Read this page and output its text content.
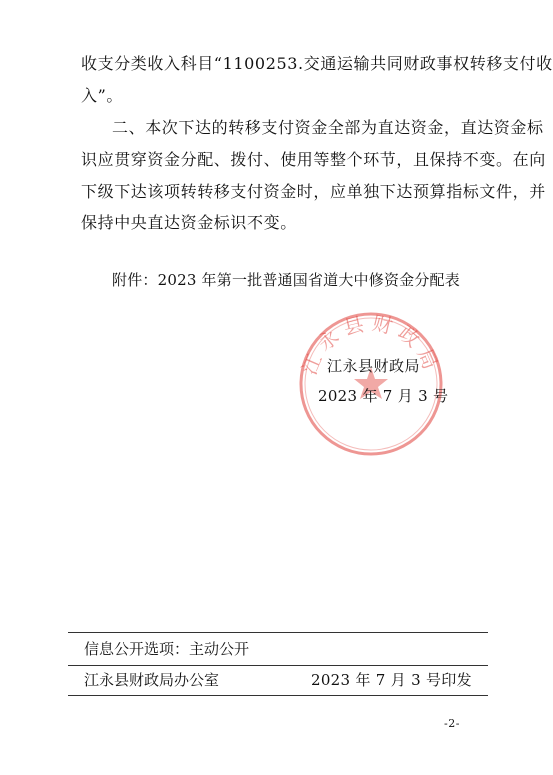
收支分类收入科目“1100253.交通运输共同财政事权转移支付收
入”。
二、本次下达的转移支付资金全部为直达资金，直达资金标
识应贯穿资金分配、拨付、使用等整个环节，且保持不变。在向
下级下达该项转转移支付资金时，应单独下达预算指标文件，并
保持中央直达资金标识不变。
附件：2023 年第一批普通国省道大中修资金分配表
江永县财政局
江永县财政局
2023 年 7 月 3 号
信息公开选项：主动公开
江永县财政局办公室	2023 年 7 月 3 号印发
-2-
